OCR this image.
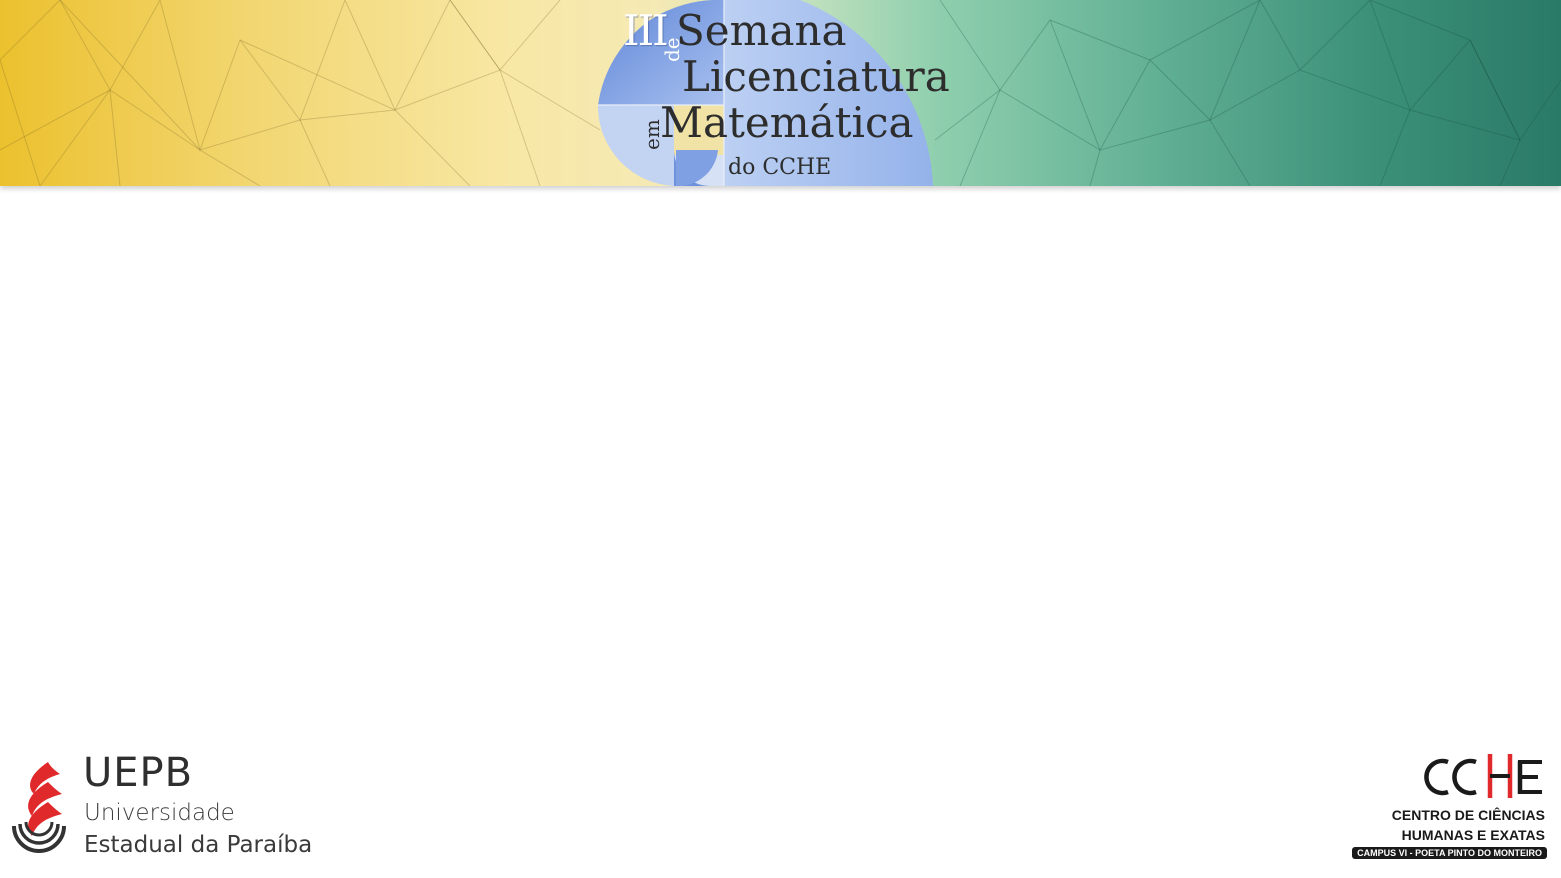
III Semana
de
Licenciatura
em
Matemática
do CCHE
UEPB
Universidade
Estadual da Paraíba
CENTRO DE CIÊNCIAS
HUMANAS E EXATAS
CAMPUS VI - POETA PINTO DO MONTEIRO
